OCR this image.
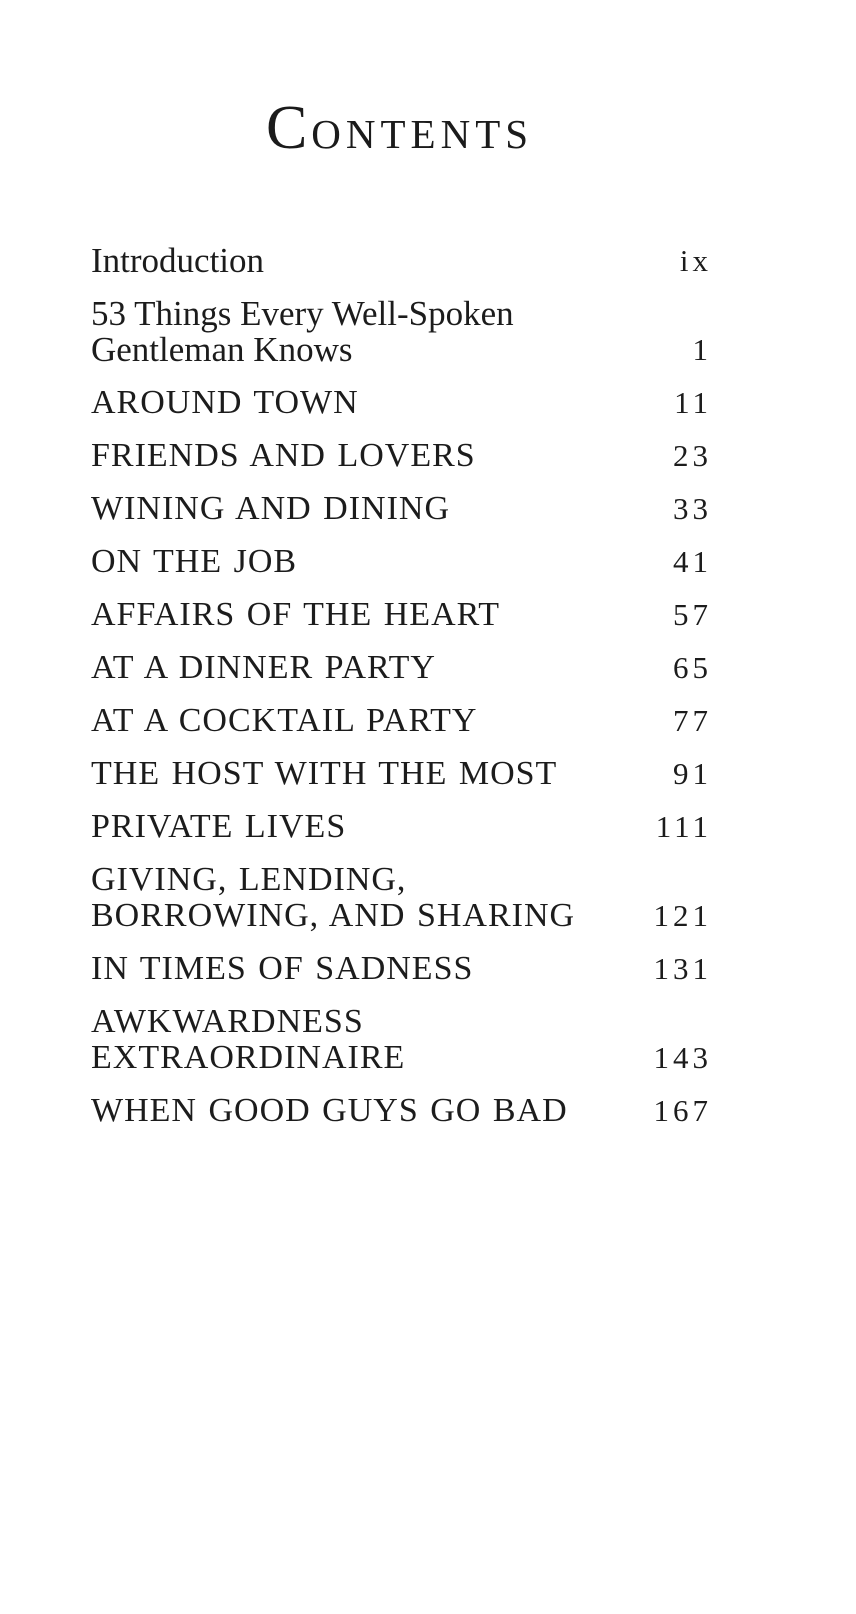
CONTENTS
Introduction	ix
53 Things Every Well-Spoken
Gentleman Knows	1
AROUND TOWN	11
FRIENDS AND LOVERS	23
WINING AND DINING	33
ON THE JOB	41
AFFAIRS OF THE HEART	57
AT A DINNER PARTY	65
AT A COCKTAIL PARTY	77
THE HOST WITH THE MOST	91
PRIVATE LIVES	111
GIVING, LENDING,
BORROWING, AND SHARING	121
IN TIMES OF SADNESS	131
AWKWARDNESS EXTRAORDINAIRE	143
WHEN GOOD GUYS GO BAD	167
